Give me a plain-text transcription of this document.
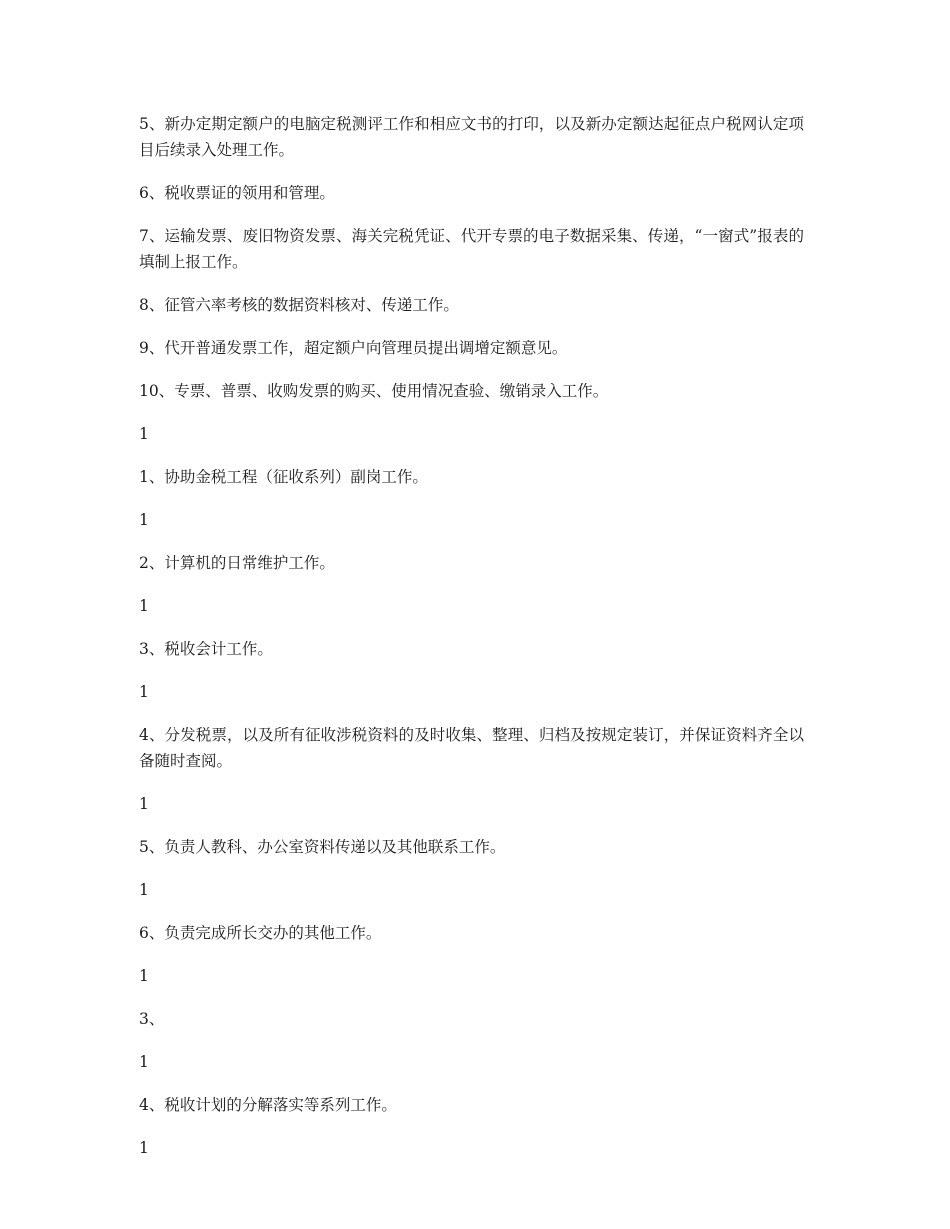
5、新办定期定额户的电脑定税测评工作和相应文书的打印，以及新办定额达起征点户税网认定项目后续录入处理工作。

6、税收票证的领用和管理。

7、运输发票、废旧物资发票、海关完税凭证、代开专票的电子数据采集、传递，“一窗式”报表的填制上报工作。

8、征管六率考核的数据资料核对、传递工作。

9、代开普通发票工作，超定额户向管理员提出调增定额意见。

10、专票、普票、收购发票的购买、使用情况查验、缴销录入工作。

1

1、协助金税工程（征收系列）副岗工作。

1

2、计算机的日常维护工作。

1

3、税收会计工作。

1

4、分发税票，以及所有征收涉税资料的及时收集、整理、归档及按规定装订，并保证资料齐全以备随时查阅。

1

5、负责人教科、办公室资料传递以及其他联系工作。

1

6、负责完成所长交办的其他工作。

1

3、

1

4、税收计划的分解落实等系列工作。

1
